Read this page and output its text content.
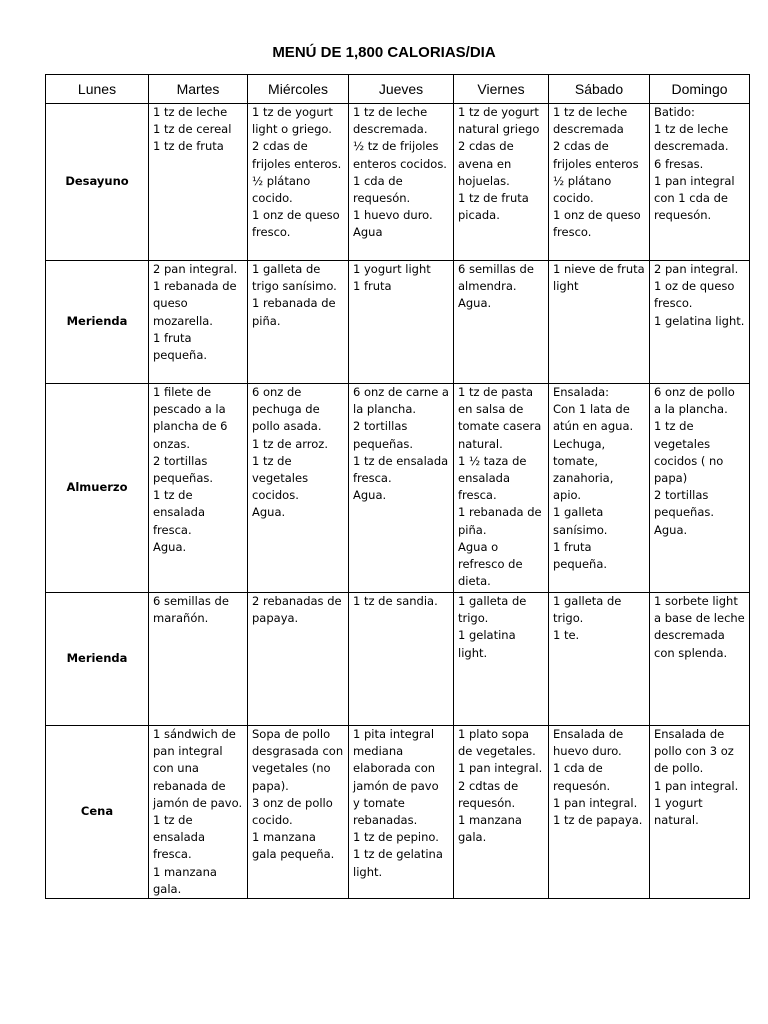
MENÚ DE 1,800 CALORIAS/DIA
Lunes	Martes	Miércoles	Jueves	Viernes	Sábado	Domingo
Desayuno	1 tz de leche
1 tz de cereal
1 tz de fruta	1 tz de yogurt light o griego.
2 cdas de frijoles enteros.
½ plátano cocido.
1 onz de queso fresco.	1 tz de leche descremada.
½ tz de frijoles enteros cocidos.
1 cda de requesón.
1 huevo duro.
Agua	1 tz de yogurt natural griego
2 cdas de avena en hojuelas.
1 tz de fruta picada.	1 tz de leche descremada
2 cdas de frijoles enteros
½ plátano cocido.
1 onz de queso fresco.	Batido:
1 tz de leche descremada.
6 fresas.
1 pan integral con 1 cda de requesón.
Merienda	2 pan integral.
1 rebanada de queso mozarella.
1 fruta pequeña.	1 galleta de trigo sanísimo.
1 rebanada de piña.	1 yogurt light
1 fruta	6 semillas de almendra.
Agua.	1 nieve de fruta light	2 pan integral.
1 oz de queso fresco.
1 gelatina light.
Almuerzo	1 filete de pescado a la plancha de 6 onzas.
2 tortillas pequeñas.
1 tz de ensalada fresca.
Agua.	6 onz de pechuga de pollo asada.
1 tz de arroz.
1 tz de vegetales cocidos.
Agua.	6 onz de carne a la plancha.
2 tortillas pequeñas.
1 tz de ensalada fresca.
Agua.	1 tz de pasta en salsa de tomate casera natural.
1 ½ taza de ensalada fresca.
1 rebanada de piña.
Agua o refresco de dieta.	Ensalada:
Con 1 lata de atún en agua.
Lechuga, tomate, zanahoria, apio.
1 galleta sanísimo.
1 fruta pequeña.	6 onz de pollo a la plancha.
1 tz de vegetales cocidos ( no papa)
2 tortillas pequeñas.
Agua.
Merienda	6 semillas de marañón.	2 rebanadas de papaya.	1 tz de sandia.	1 galleta de trigo.
1 gelatina light.	1 galleta de trigo.
1 te.	1 sorbete light a base de leche descremada con splenda.
Cena	1 sándwich de pan integral con una rebanada de jamón de pavo.
1 tz de ensalada fresca.
1 manzana gala.	Sopa de pollo desgrasada con vegetales (no papa).
3 onz de pollo cocido.
1 manzana gala pequeña.	1 pita integral mediana elaborada con jamón de pavo y tomate rebanadas.
1 tz de pepino.
1 tz de gelatina light.	1 plato sopa de vegetales.
1 pan integral.
2 cdtas de requesón.
1 manzana gala.	Ensalada de huevo duro.
1 cda de requesón.
1 pan integral.
1 tz de papaya.	Ensalada de pollo con 3 oz de pollo.
1 pan integral.
1 yogurt natural.
